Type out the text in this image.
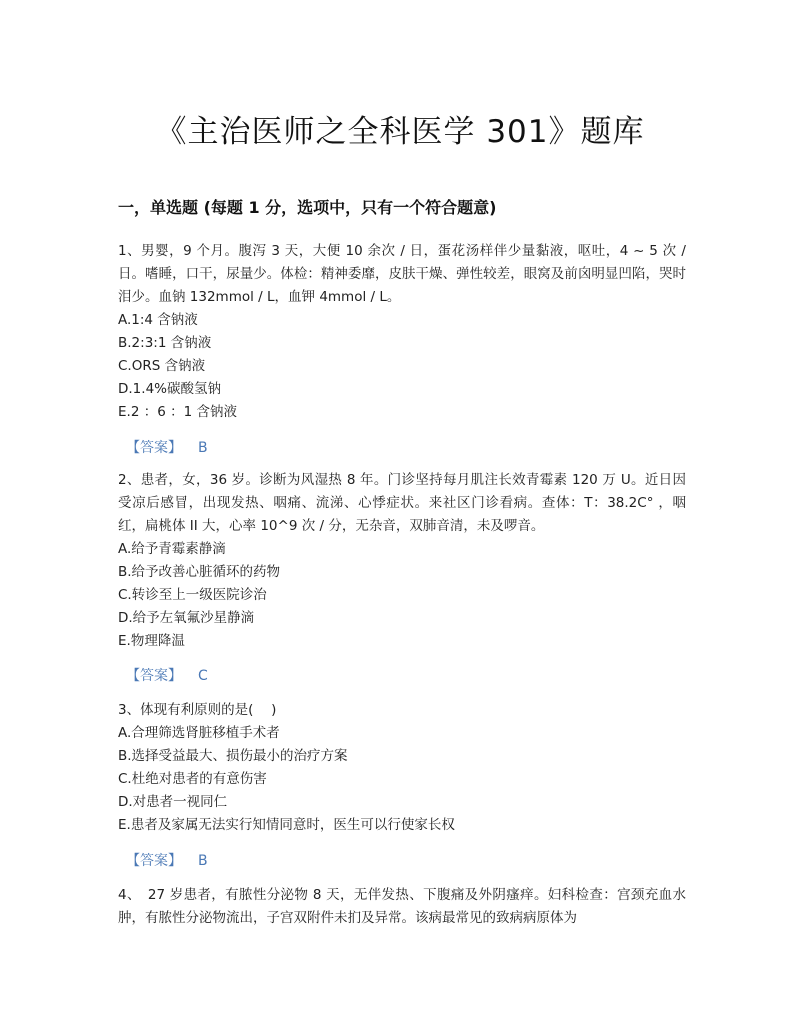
《主治医师之全科医学 301》题库
一，单选题 (每题 1 分，选项中，只有一个符合题意)

1、男婴，9 个月。腹泻 3 天，大便 10 余次 / 日，蛋花汤样伴少量黏液，呕吐，4 ~ 5 次 / 日。嗜睡，口干，尿量少。体检：精神委靡，皮肤干燥、弹性较差，眼窝及前囟明显凹陷，哭时泪少。血钠 132mmol / L，血钾 4mmol / L。

A.1:4 含钠液
B.2:3:1 含钠液
C.ORS 含钠液
D.1.4%碳酸氢钠
E.2 ：6 ：1 含钠液
【答案】 B

2、患者，女，36 岁。诊断为风湿热 8 年。门诊坚持每月肌注长效青霉素 120 万 U。近日因受凉后感冒，出现发热、咽痛、流涕、心悸症状。来社区门诊看病。查体：T：38.2C° ，咽红，扁桃体 II 大，心率 10^9 次 / 分，无杂音，双肺音清，未及啰音。

A.给予青霉素静滴
B.给予改善心脏循环的药物
C.转诊至上一级医院诊治
D.给予左氧氟沙星静滴
E.物理降温
【答案】 C

3、体现有利原则的是(　 )

A.合理筛选肾脏移植手术者
B.选择受益最大、损伤最小的治疗方案
C.杜绝对患者的有意伤害
D.对患者一视同仁
E.患者及家属无法实行知情同意时，医生可以行使家长权
【答案】 B

4、　27 岁患者，有脓性分泌物 8 天，无伴发热、下腹痛及外阴瘙痒。妇科检查：宫颈充血水肿，有脓性分泌物流出，子宫双附件未扪及异常。该病最常见的致病病原体为
